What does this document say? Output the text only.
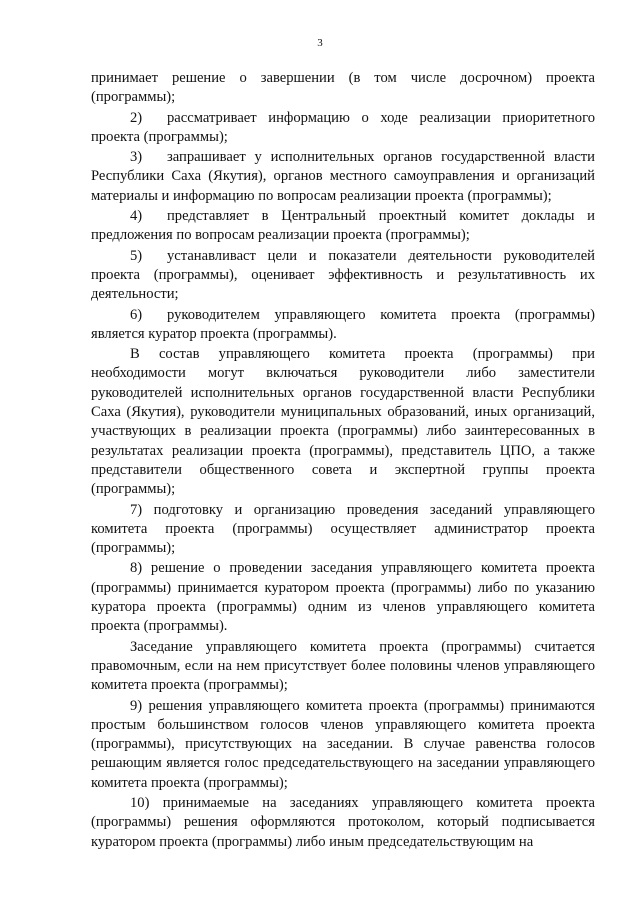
3

принимает решение о завершении (в том числе досрочном) проекта (программы);

2) рассматривает информацию о ходе реализации приоритетного проекта (программы);

3) запрашивает у исполнительных органов государственной власти Республики Саха (Якутия), органов местного самоуправления и организаций материалы и информацию по вопросам реализации проекта (программы);

4) представляет в Центральный проектный комитет доклады и предложения по вопросам реализации проекта (программы);

5) устанавливаст цели и показатели деятельности руководителей проекта (программы), оценивает эффективность и результативность их деятельности;

6) руководителем управляющего комитета проекта (программы) является куратор проекта (программы).

В состав управляющего комитета проекта (программы) при необходимости могут включаться руководители либо заместители руководителей исполнительных органов государственной власти Республики Саха (Якутия), руководители муниципальных образований, иных организаций, участвующих в реализации проекта (программы) либо заинтересованных в результатах реализации проекта (программы), представитель ЦПО, а также представители общественного совета и экспертной группы проекта (программы);

7) подготовку и организацию проведения заседаний управляющего комитета проекта (программы) осуществляет администратор проекта (программы);

8) решение о проведении заседания управляющего комитета проекта (программы) принимается куратором проекта (программы) либо по указанию куратора проекта (программы) одним из членов управляющего комитета проекта (программы).

Заседание управляющего комитета проекта (программы) считается правомочным, если на нем присутствует более половины членов управляющего комитета проекта (программы);

9) решения управляющего комитета проекта (программы) принимаются простым большинством голосов членов управляющего комитета проекта (программы), присутствующих на заседании. В случае равенства голосов решающим является голос председательствующего на заседании управляющего комитета проекта (программы);

10) принимаемые на заседаниях управляющего комитета проекта (программы) решения оформляются протоколом, который подписывается куратором проекта (программы) либо иным председательствующим на
